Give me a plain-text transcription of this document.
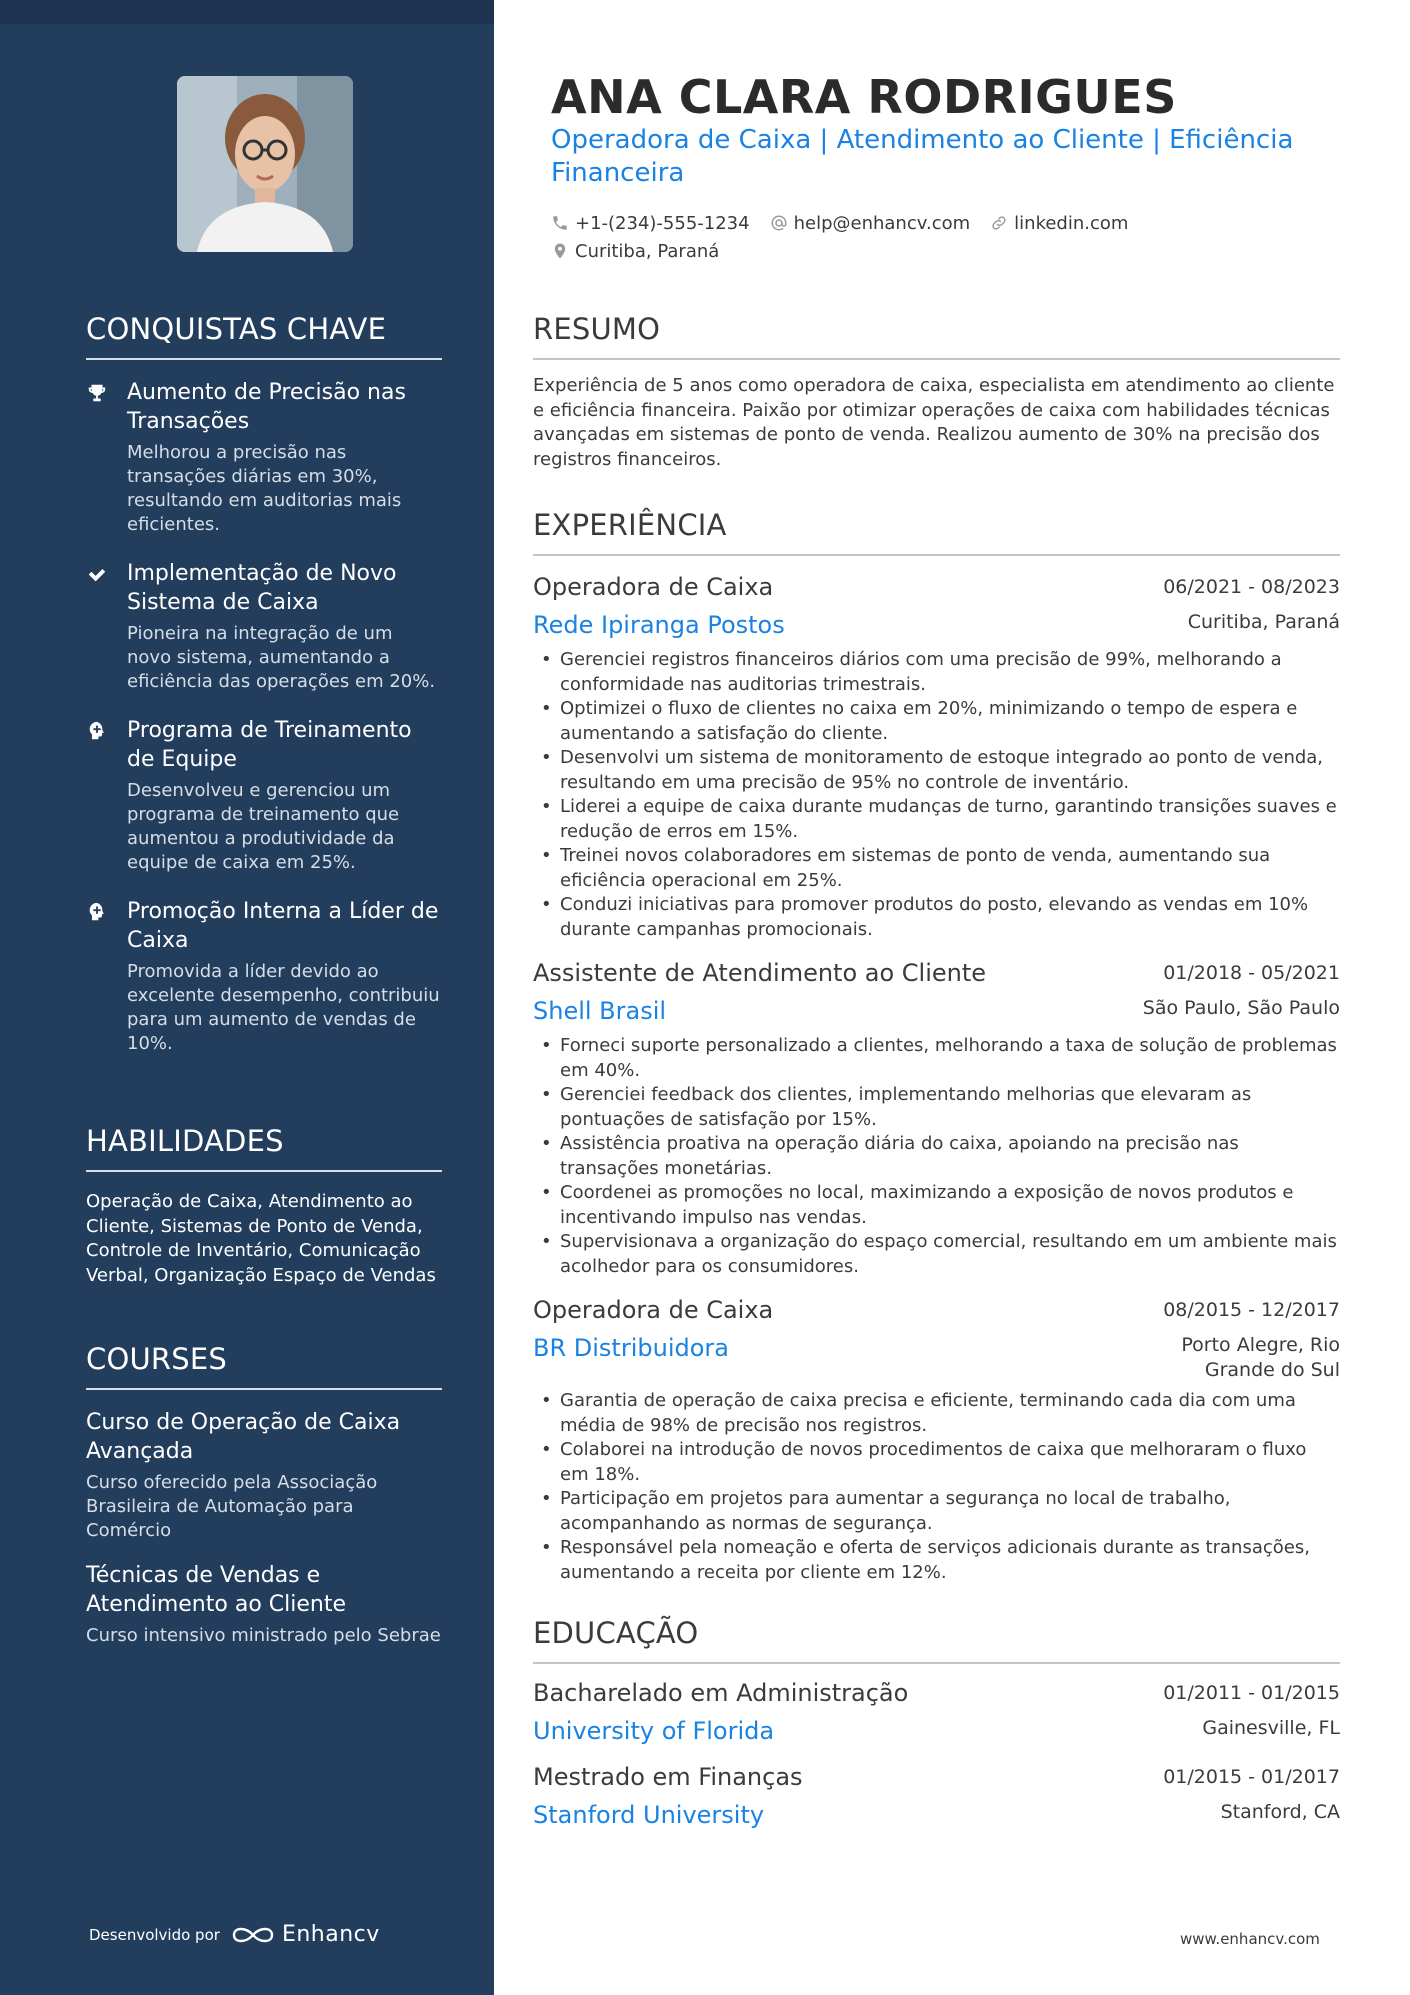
CONQUISTAS CHAVE
Aumento de Precisão nas Transações
Melhorou a precisão nas transações diárias em 30%, resultando em auditorias mais eficientes.
Implementação de Novo Sistema de Caixa
Pioneira na integração de um novo sistema, aumentando a eficiência das operações em 20%.
Programa de Treinamento de Equipe
Desenvolveu e gerenciou um programa de treinamento que aumentou a produtividade da equipe de caixa em 25%.
Promoção Interna a Líder de Caixa
Promovida a líder devido ao excelente desempenho, contribuiu para um aumento de vendas de 10%.
HABILIDADES
Operação de Caixa, Atendimento ao Cliente, Sistemas de Ponto de Venda, Controle de Inventário, Comunicação Verbal, Organização Espaço de Vendas
COURSES
Curso de Operação de Caixa Avançada
Curso oferecido pela Associação Brasileira de Automação para Comércio
Técnicas de Vendas e Atendimento ao Cliente
Curso intensivo ministrado pelo Sebrae
Desenvolvido por	Enhancv
ANA CLARA RODRIGUES
Operadora de Caixa | Atendimento ao Cliente | Eficiência Financeira
+1-(234)-555-1234 help@enhancv.com linkedin.com
Curitiba, Paraná
RESUMO
Experiência de 5 anos como operadora de caixa, especialista em atendimento ao cliente e eficiência financeira. Paixão por otimizar operações de caixa com habilidades técnicas avançadas em sistemas de ponto de venda. Realizou aumento de 30% na precisão dos registros financeiros.
EXPERIÊNCIA
Operadora de Caixa	06/2021 - 08/2023
Rede Ipiranga Postos	Curitiba, Paraná
• Gerenciei registros financeiros diários com uma precisão de 99%, melhorando a conformidade nas auditorias trimestrais.
• Optimizei o fluxo de clientes no caixa em 20%, minimizando o tempo de espera e aumentando a satisfação do cliente.
• Desenvolvi um sistema de monitoramento de estoque integrado ao ponto de venda, resultando em uma precisão de 95% no controle de inventário.
• Liderei a equipe de caixa durante mudanças de turno, garantindo transições suaves e redução de erros em 15%.
• Treinei novos colaboradores em sistemas de ponto de venda, aumentando sua eficiência operacional em 25%.
• Conduzi iniciativas para promover produtos do posto, elevando as vendas em 10% durante campanhas promocionais.
Assistente de Atendimento ao Cliente	01/2018 - 05/2021
Shell Brasil	São Paulo, São Paulo
• Forneci suporte personalizado a clientes, melhorando a taxa de solução de problemas em 40%.
• Gerenciei feedback dos clientes, implementando melhorias que elevaram as pontuações de satisfação por 15%.
• Assistência proativa na operação diária do caixa, apoiando na precisão nas transações monetárias.
• Coordenei as promoções no local, maximizando a exposição de novos produtos e incentivando impulso nas vendas.
• Supervisionava a organização do espaço comercial, resultando em um ambiente mais acolhedor para os consumidores.
Operadora de Caixa	08/2015 - 12/2017
BR Distribuidora	Porto Alegre, Rio Grande do Sul
• Garantia de operação de caixa precisa e eficiente, terminando cada dia com uma média de 98% de precisão nos registros.
• Colaborei na introdução de novos procedimentos de caixa que melhoraram o fluxo em 18%.
• Participação em projetos para aumentar a segurança no local de trabalho, acompanhando as normas de segurança.
• Responsável pela nomeação e oferta de serviços adicionais durante as transações, aumentando a receita por cliente em 12%.
EDUCAÇÃO
Bacharelado em Administração	01/2011 - 01/2015
University of Florida	Gainesville, FL
Mestrado em Finanças	01/2015 - 01/2017
Stanford University	Stanford, CA
www.enhancv.com
